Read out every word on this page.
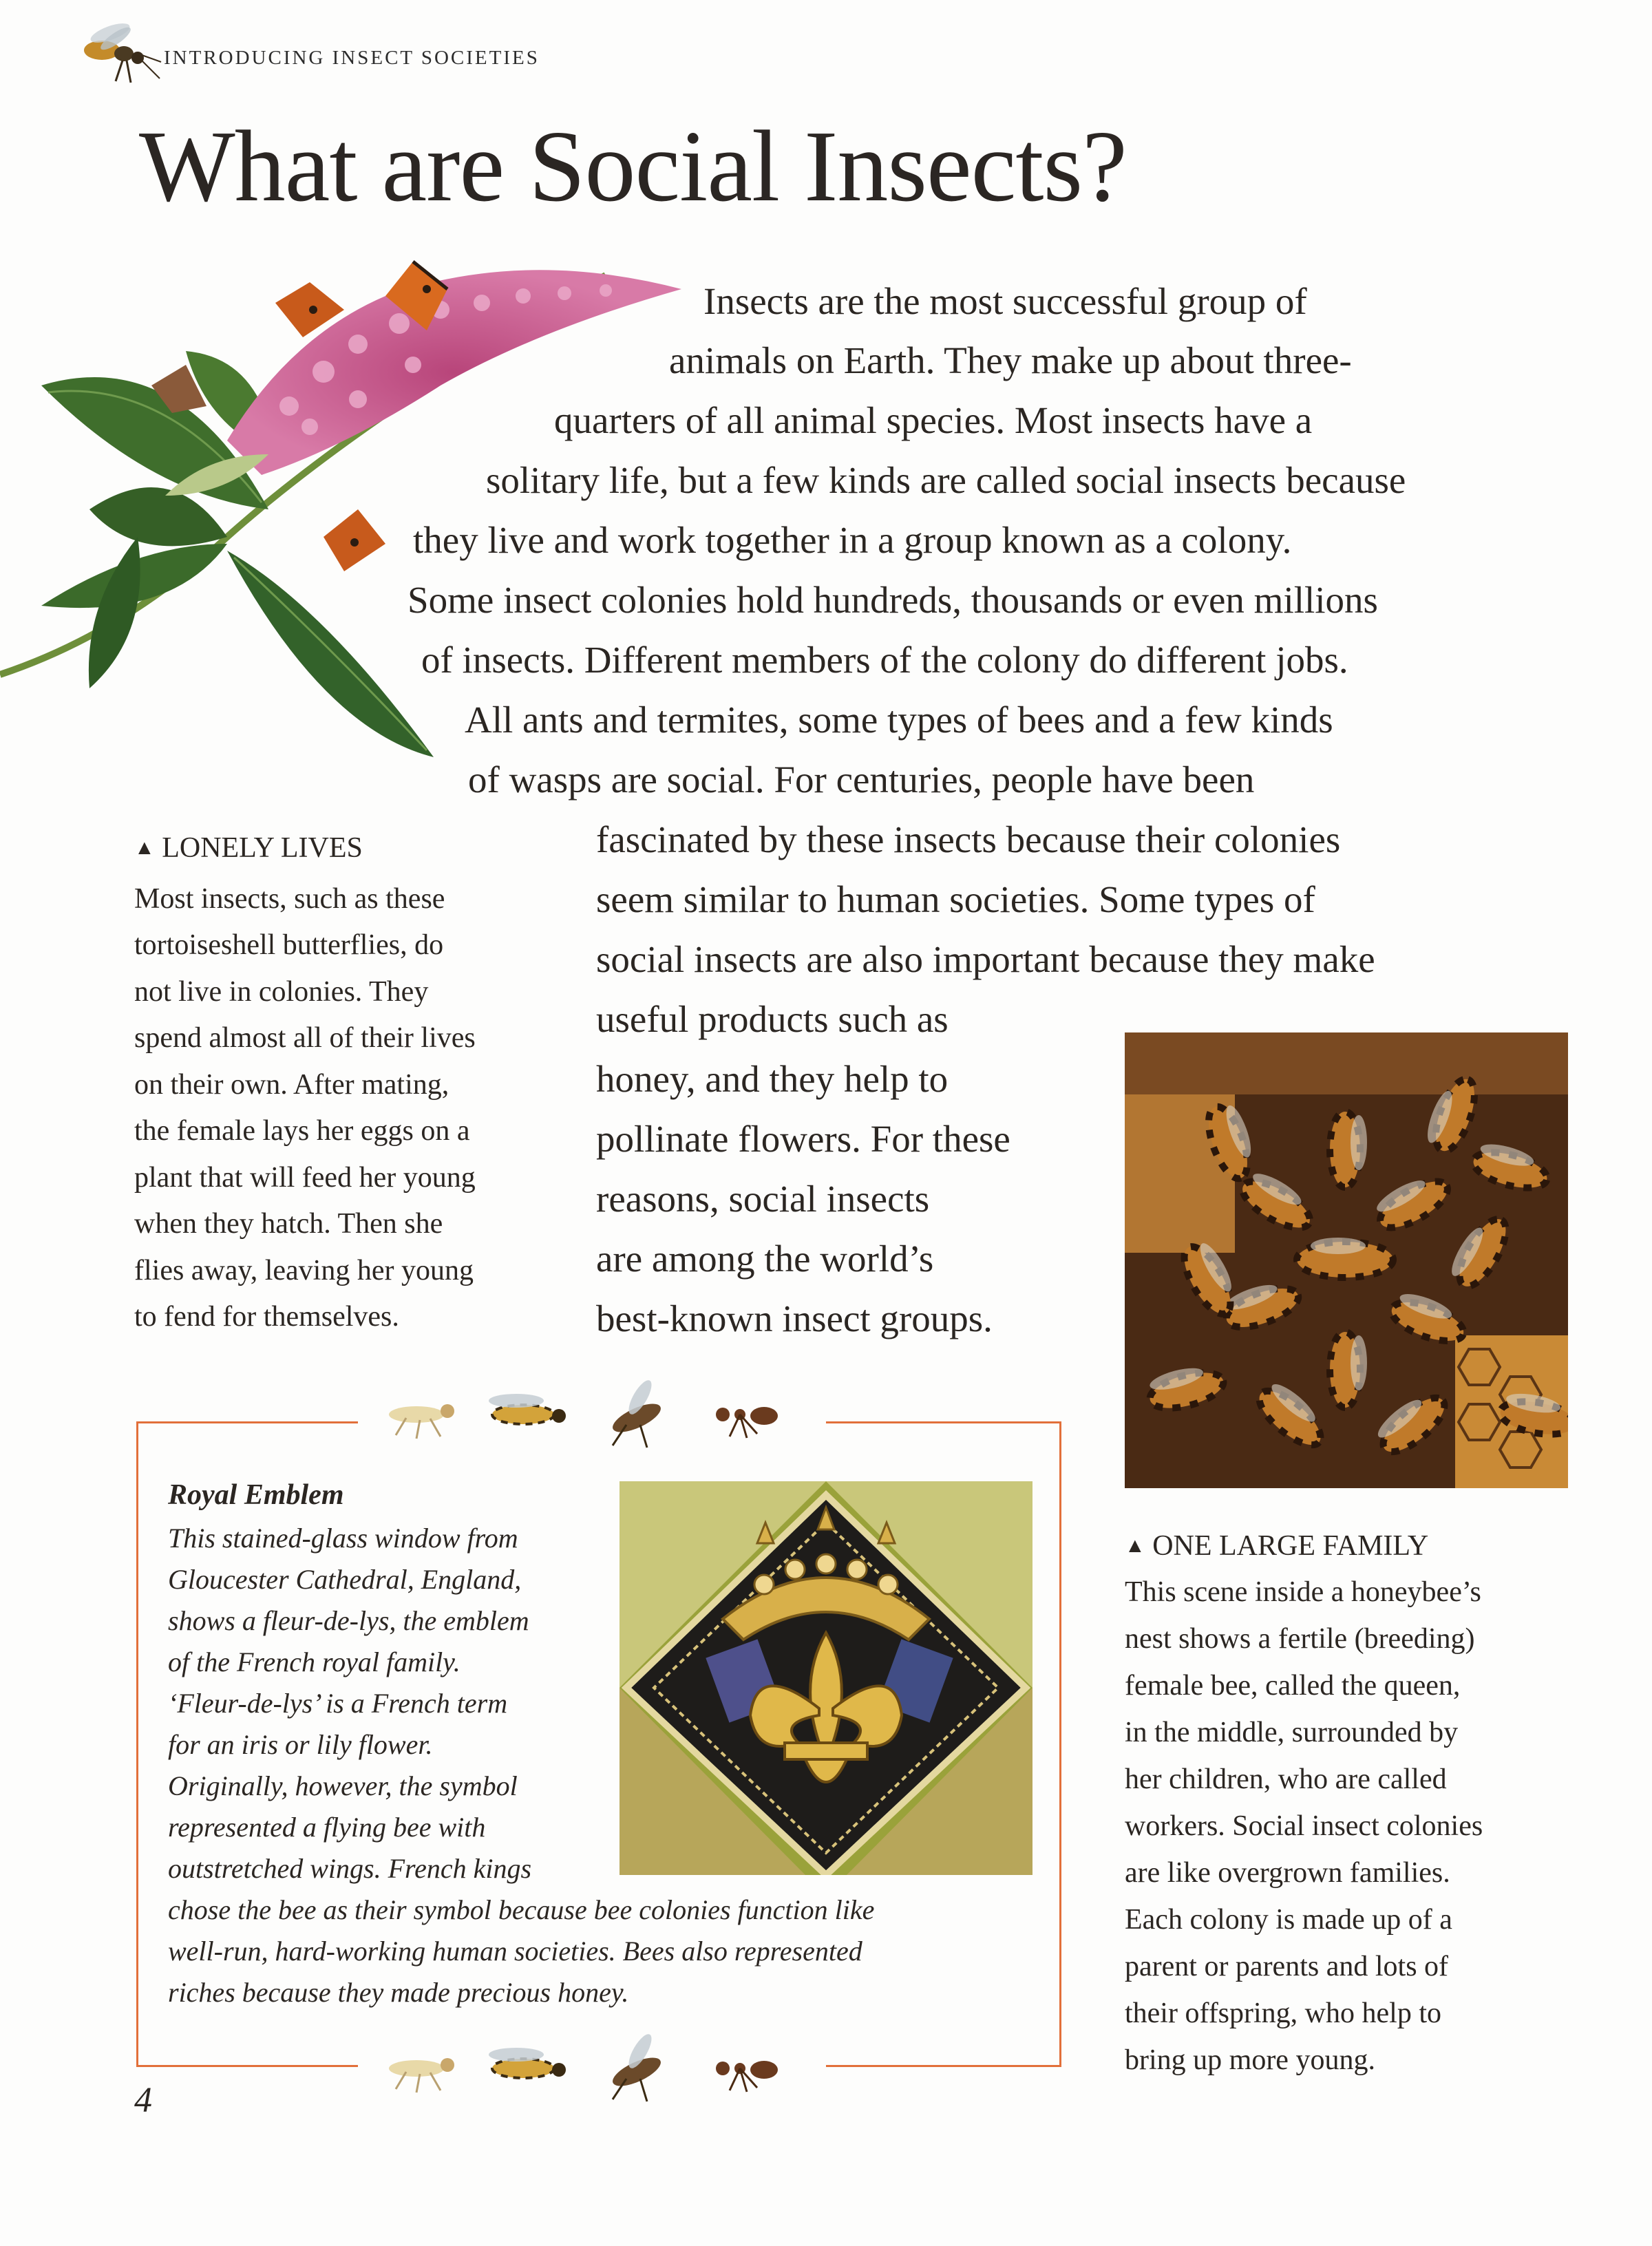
INTRODUCING INSECT SOCIETIES
What are Social Insects?
Insects are the most successful group of
animals on Earth. They make up about three-
quarters of all animal species. Most insects have a
solitary life, but a few kinds are called social insects because
they live and work together in a group known as a colony.
Some insect colonies hold hundreds, thousands or even millions
of insects. Different members of the colony do different jobs.
All ants and termites, some types of bees and a few kinds
of wasps are social. For centuries, people have been
fascinated by these insects because their colonies
seem similar to human societies. Some types of
social insects are also important because they make
useful products such as
honey, and they help to
pollinate flowers. For these
reasons, social insects
are among the world’s
best-known insect groups.
▲ LONELY LIVES
Most insects, such as these
tortoiseshell butterflies, do
not live in colonies. They
spend almost all of their lives
on their own. After mating,
the female lays her eggs on a
plant that will feed her young
when they hatch. Then she
flies away, leaving her young
to fend for themselves.
▲ ONE LARGE FAMILY
This scene inside a honeybee’s
nest shows a fertile (breeding)
female bee, called the queen,
in the middle, surrounded by
her children, who are called
workers. Social insect colonies
are like overgrown families.
Each colony is made up of a
parent or parents and lots of
their offspring, who help to
bring up more young.
Royal Emblem
This stained-glass window from
Gloucester Cathedral, England,
shows a fleur-de-lys, the emblem
of the French royal family.
‘Fleur-de-lys’ is a French term
for an iris or lily flower.
Originally, however, the symbol
represented a flying bee with
outstretched wings. French kings
chose the bee as their symbol because bee colonies function like
well-run, hard-working human societies. Bees also represented
riches because they made precious honey.
4
